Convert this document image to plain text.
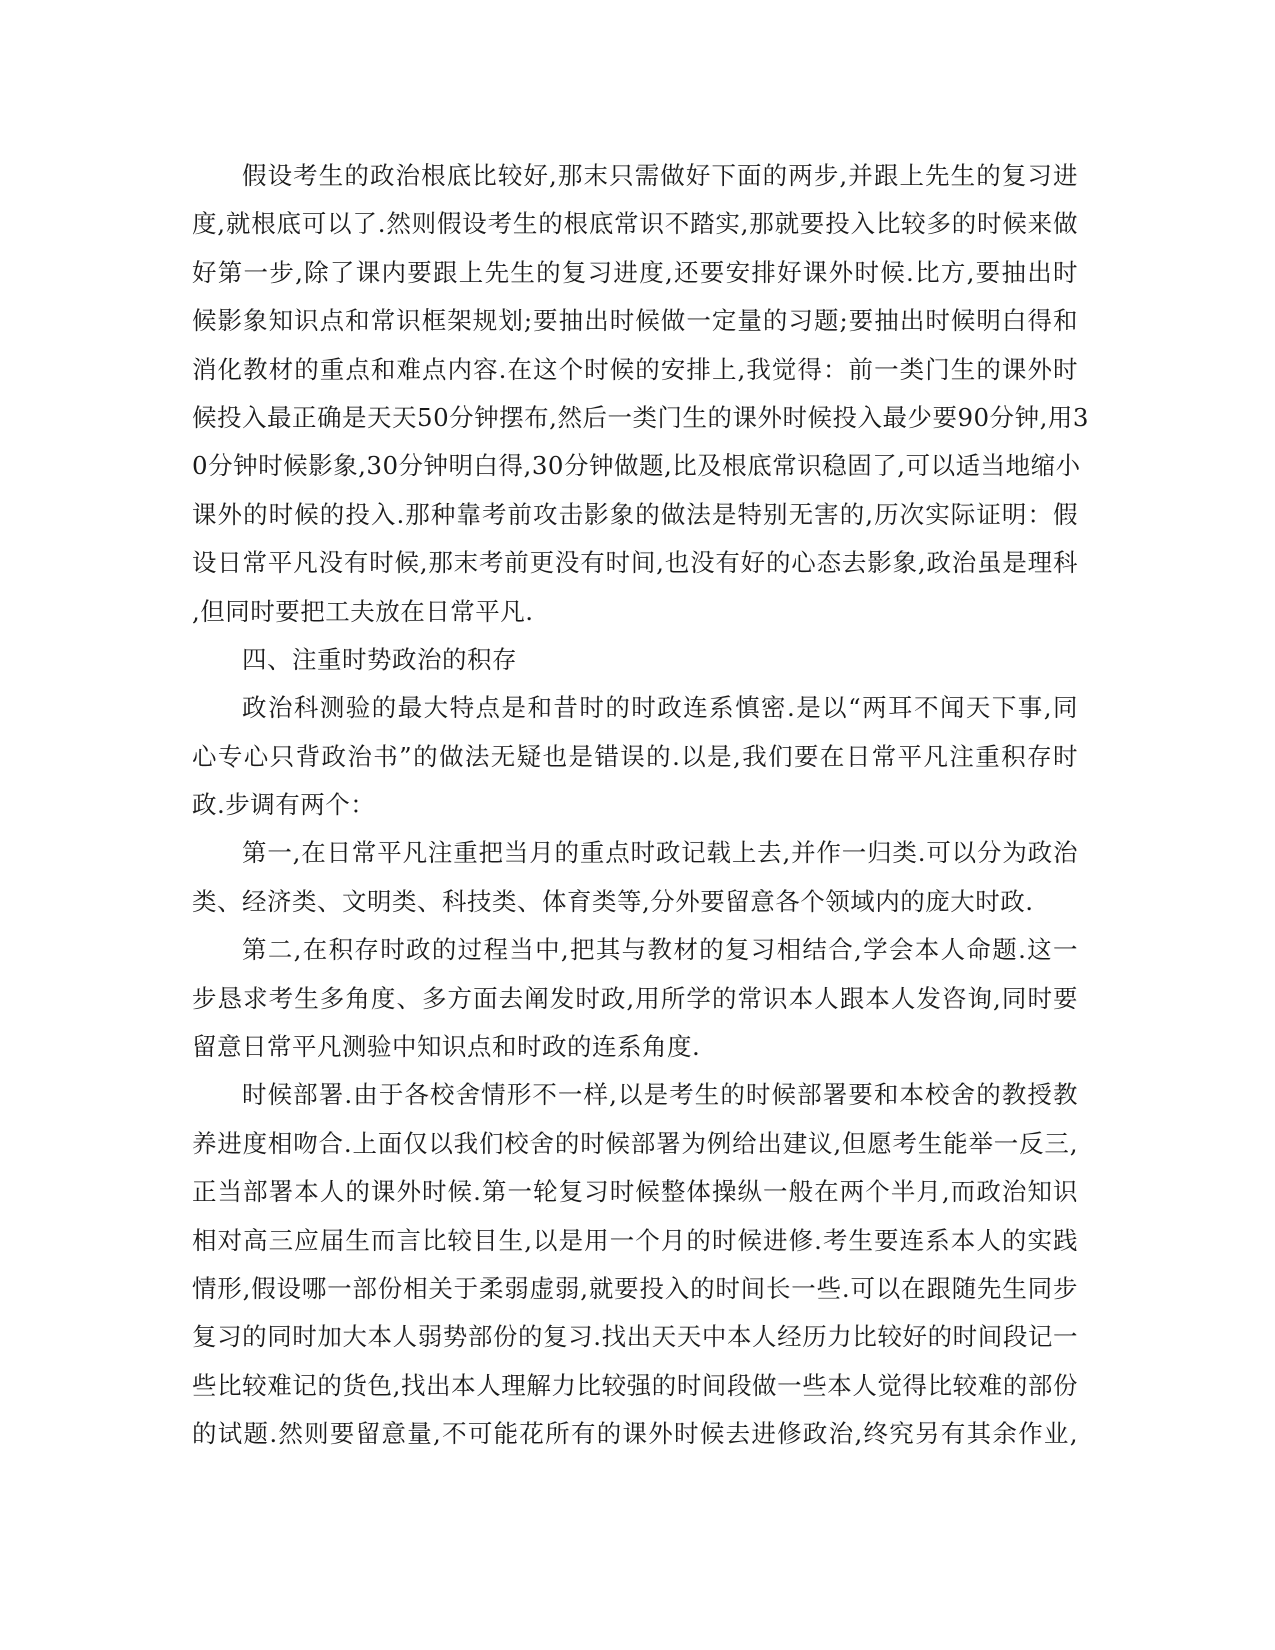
假设考生的政治根底比较好,那末只需做好下面的两步,并跟上先生的复习进
度,就根底可以了.然则假设考生的根底常识不踏实,那就要投入比较多的时候来做
好第一步,除了课内要跟上先生的复习进度,还要安排好课外时候.比方,要抽出时
候影象知识点和常识框架规划;要抽出时候做一定量的习题;要抽出时候明白得和
消化教材的重点和难点内容.在这个时候的安排上,我觉得：前一类门生的课外时
候投入最正确是天天50分钟摆布,然后一类门生的课外时候投入最少要90分钟,用3
0分钟时候影象,30分钟明白得,30分钟做题,比及根底常识稳固了,可以适当地缩小
课外的时候的投入.那种靠考前攻击影象的做法是特别无害的,历次实际证明：假
设日常平凡没有时候,那末考前更没有时间,也没有好的心态去影象,政治虽是理科
,但同时要把工夫放在日常平凡.
四、注重时势政治的积存
政治科测验的最大特点是和昔时的时政连系慎密.是以“两耳不闻天下事,同
心专心只背政治书”的做法无疑也是错误的.以是,我们要在日常平凡注重积存时
政.步调有两个：
第一,在日常平凡注重把当月的重点时政记载上去,并作一归类.可以分为政治
类、经济类、文明类、科技类、体育类等,分外要留意各个领域内的庞大时政.
第二,在积存时政的过程当中,把其与教材的复习相结合,学会本人命题.这一
步恳求考生多角度、多方面去阐发时政,用所学的常识本人跟本人发咨询,同时要
留意日常平凡测验中知识点和时政的连系角度.
时候部署.由于各校舍情形不一样,以是考生的时候部署要和本校舍的教授教
养进度相吻合.上面仅以我们校舍的时候部署为例给出建议,但愿考生能举一反三,
正当部署本人的课外时候.第一轮复习时候整体操纵一般在两个半月,而政治知识
相对高三应届生而言比较目生,以是用一个月的时候进修.考生要连系本人的实践
情形,假设哪一部份相关于柔弱虚弱,就要投入的时间长一些.可以在跟随先生同步
复习的同时加大本人弱势部份的复习.找出天天中本人经历力比较好的时间段记一
些比较难记的货色,找出本人理解力比较强的时间段做一些本人觉得比较难的部份
的试题.然则要留意量,不可能花所有的课外时候去进修政治,终究另有其余作业,
